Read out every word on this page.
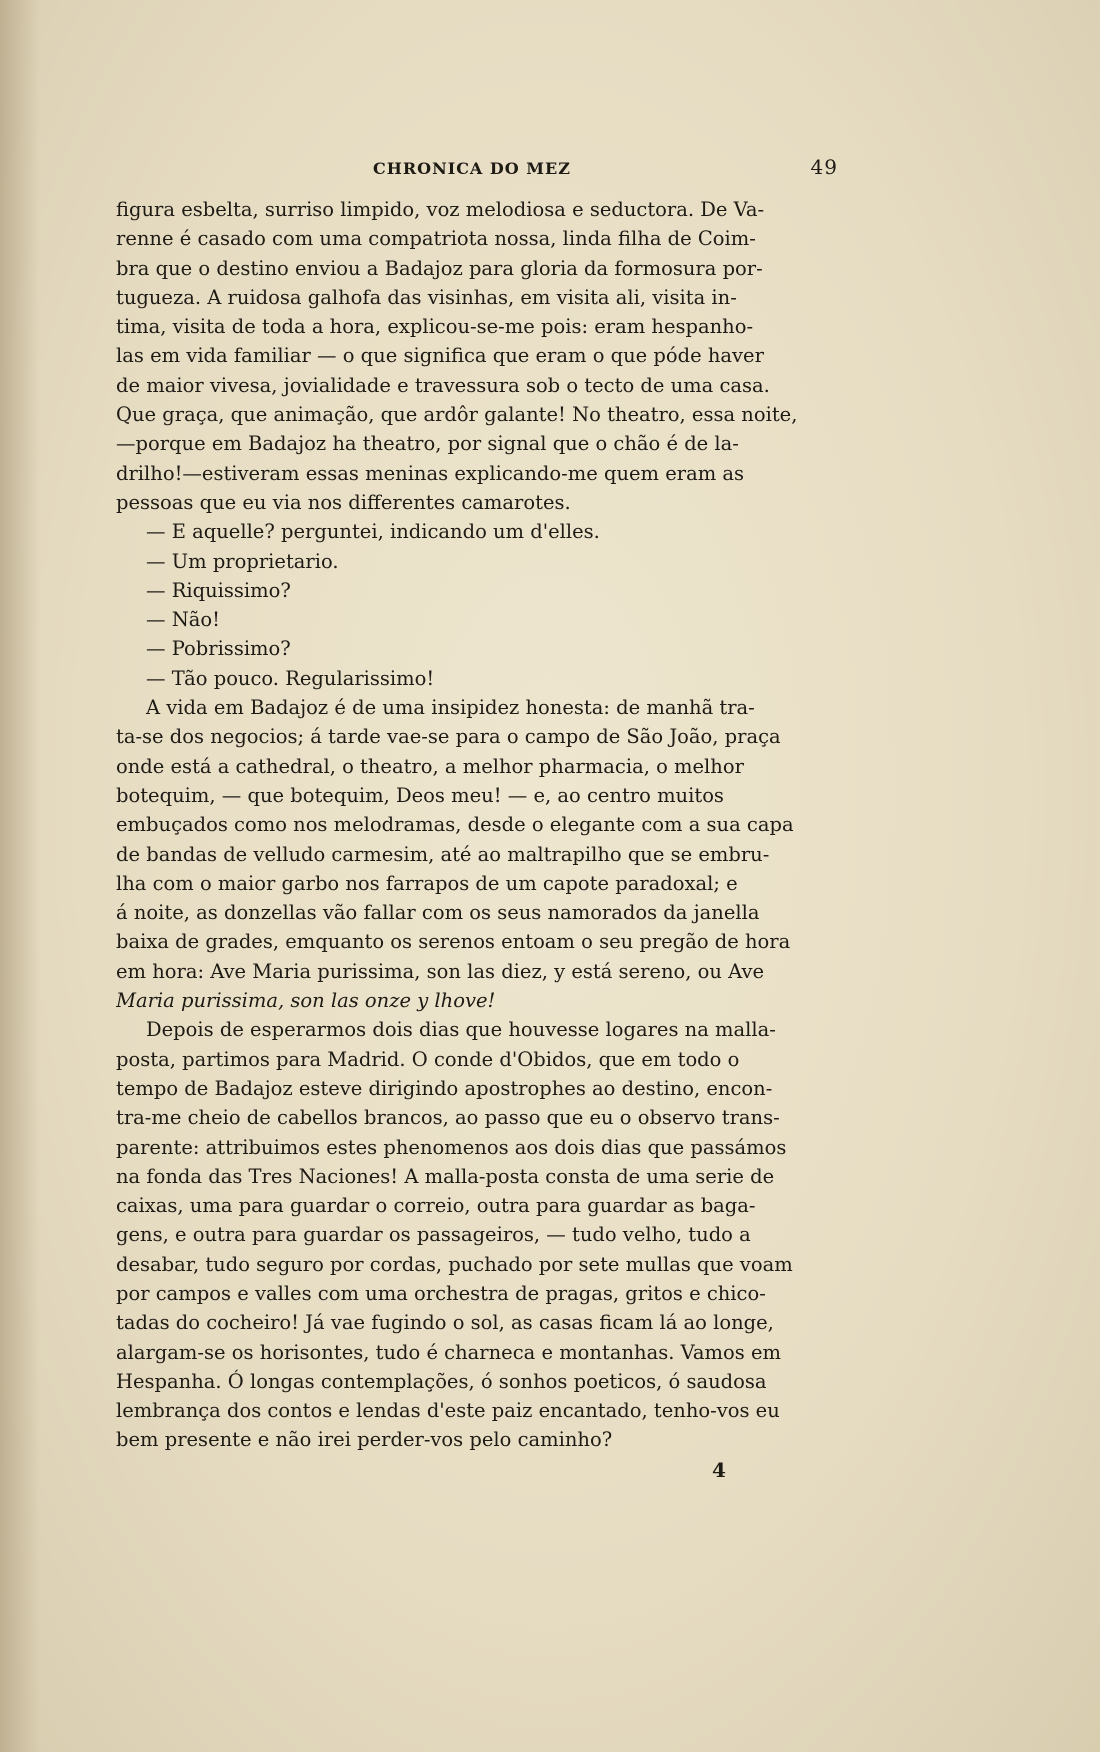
CHRONICA DO MEZ	49
figura esbelta, surriso limpido, voz melodiosa e seductora. De Va-
renne é casado com uma compatriota nossa, linda filha de Coim-
bra que o destino enviou a Badajoz para gloria da formosura por-
tugueza. A ruidosa galhofa das visinhas, em visita ali, visita in-
tima, visita de toda a hora, explicou-se-me pois: eram hespanho-
las em vida familiar — o que significa que eram o que póde haver
de maior vivesa, jovialidade e travessura sob o tecto de uma casa.
Que graça, que animação, que ardôr galante! No theatro, essa noite,
—porque em Badajoz ha theatro, por signal que o chão é de la-
drilho!—estiveram essas meninas explicando-me quem eram as
pessoas que eu via nos differentes camarotes.
— E aquelle? perguntei, indicando um d'elles.
— Um proprietario.
— Riquissimo?
— Não!
— Pobrissimo?
— Tão pouco. Regularissimo!
A vida em Badajoz é de uma insipidez honesta: de manhã tra-
ta-se dos negocios; á tarde vae-se para o campo de São João, praça
onde está a cathedral, o theatro, a melhor pharmacia, o melhor
botequim, — que botequim, Deos meu! — e, ao centro muitos
embuçados como nos melodramas, desde o elegante com a sua capa
de bandas de velludo carmesim, até ao maltrapilho que se embru-
lha com o maior garbo nos farrapos de um capote paradoxal; e
á noite, as donzellas vão fallar com os seus namorados da janella
baixa de grades, emquanto os serenos entoam o seu pregão de hora
em hora: Ave Maria purissima, son las diez, y está sereno, ou Ave
Maria purissima, son las onze y lhove!
Depois de esperarmos dois dias que houvesse logares na malla-
posta, partimos para Madrid. O conde d'Obidos, que em todo o
tempo de Badajoz esteve dirigindo apostrophes ao destino, encon-
tra-me cheio de cabellos brancos, ao passo que eu o observo trans-
parente: attribuimos estes phenomenos aos dois dias que passámos
na fonda das Tres Naciones! A malla-posta consta de uma serie de
caixas, uma para guardar o correio, outra para guardar as baga-
gens, e outra para guardar os passageiros, — tudo velho, tudo a
desabar, tudo seguro por cordas, puchado por sete mullas que voam
por campos e valles com uma orchestra de pragas, gritos e chico-
tadas do cocheiro! Já vae fugindo o sol, as casas ficam lá ao longe,
alargam-se os horisontes, tudo é charneca e montanhas. Vamos em
Hespanha. Ó longas contemplações, ó sonhos poeticos, ó saudosa
lembrança dos contos e lendas d'este paiz encantado, tenho-vos eu
bem presente e não irei perder-vos pelo caminho?
4
